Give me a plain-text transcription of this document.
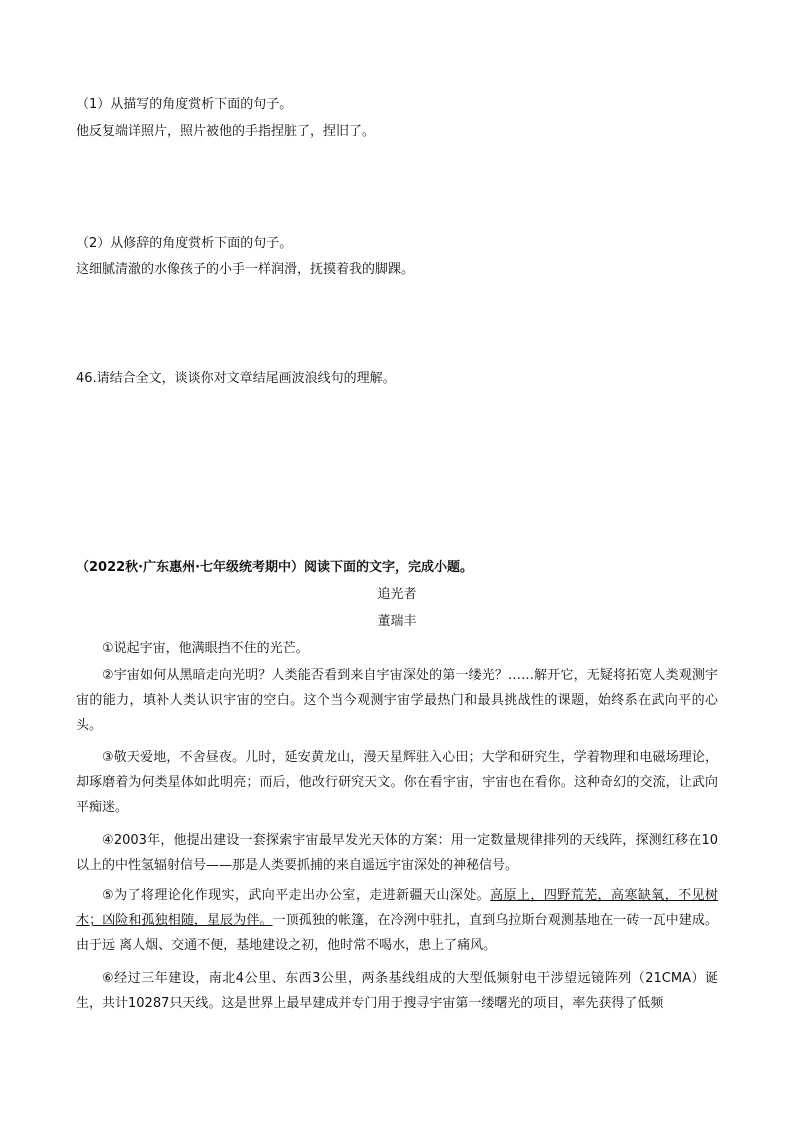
（1）从描写的角度赏析下面的句子。
他反复端详照片，照片被他的手指捏脏了，捏旧了。
（2）从修辞的角度赏析下面的句子。
这细腻清澈的水像孩子的小手一样润滑，抚摸着我的脚踝。
46.请结合全文，谈谈你对文章结尾画波浪线句的理解。
（2022秋·广东惠州·七年级统考期中）阅读下面的文字，完成小题。
追光者
董瑞丰
①说起宇宙，他满眼挡不住的光芒。
②宇宙如何从黑暗走向光明？人类能否看到来自宇宙深处的第一缕光？……解开它，无疑将拓宽人类观测宇宙的能力，填补人类认识宇宙的空白。这个当今观测宇宙学最热门和最具挑战性的课题，始终系在武向平的心头。
③敬天爱地，不舍昼夜。儿时，延安黄龙山，漫天星辉驻入心田；大学和研究生，学着物理和电磁场理论，却琢磨着为何类星体如此明亮；而后，他改行研究天文。你在看宇宙，宇宙也在看你。这种奇幻的交流，让武向平痴迷。
④2003年，他提出建设一套探索宇宙最早发光天体的方案：用一定数量规律排列的天线阵，探测红移在10以上的中性氢辐射信号——那是人类要抓捕的来自遥远宇宙深处的神秘信号。
⑤为了将理论化作现实，武向平走出办公室，走进新疆天山深处。高原上，四野荒芜，高寒缺氧，不见树木；凶险和孤独相随，星辰为伴。一顶孤独的帐篷，在冷洌中驻扎，直到乌拉斯台观测基地在一砖一瓦中建成。由于远 离人烟、交通不便，基地建设之初，他时常不喝水，患上了痛风。
⑥经过三年建设，南北4公里、东西3公里，两条基线组成的大型低频射电干涉望远镜阵列（21CMA）诞生，共计10287只天线。这是世界上最早建成并专门用于搜寻宇宙第一缕曙光的项目，率先获得了低频
